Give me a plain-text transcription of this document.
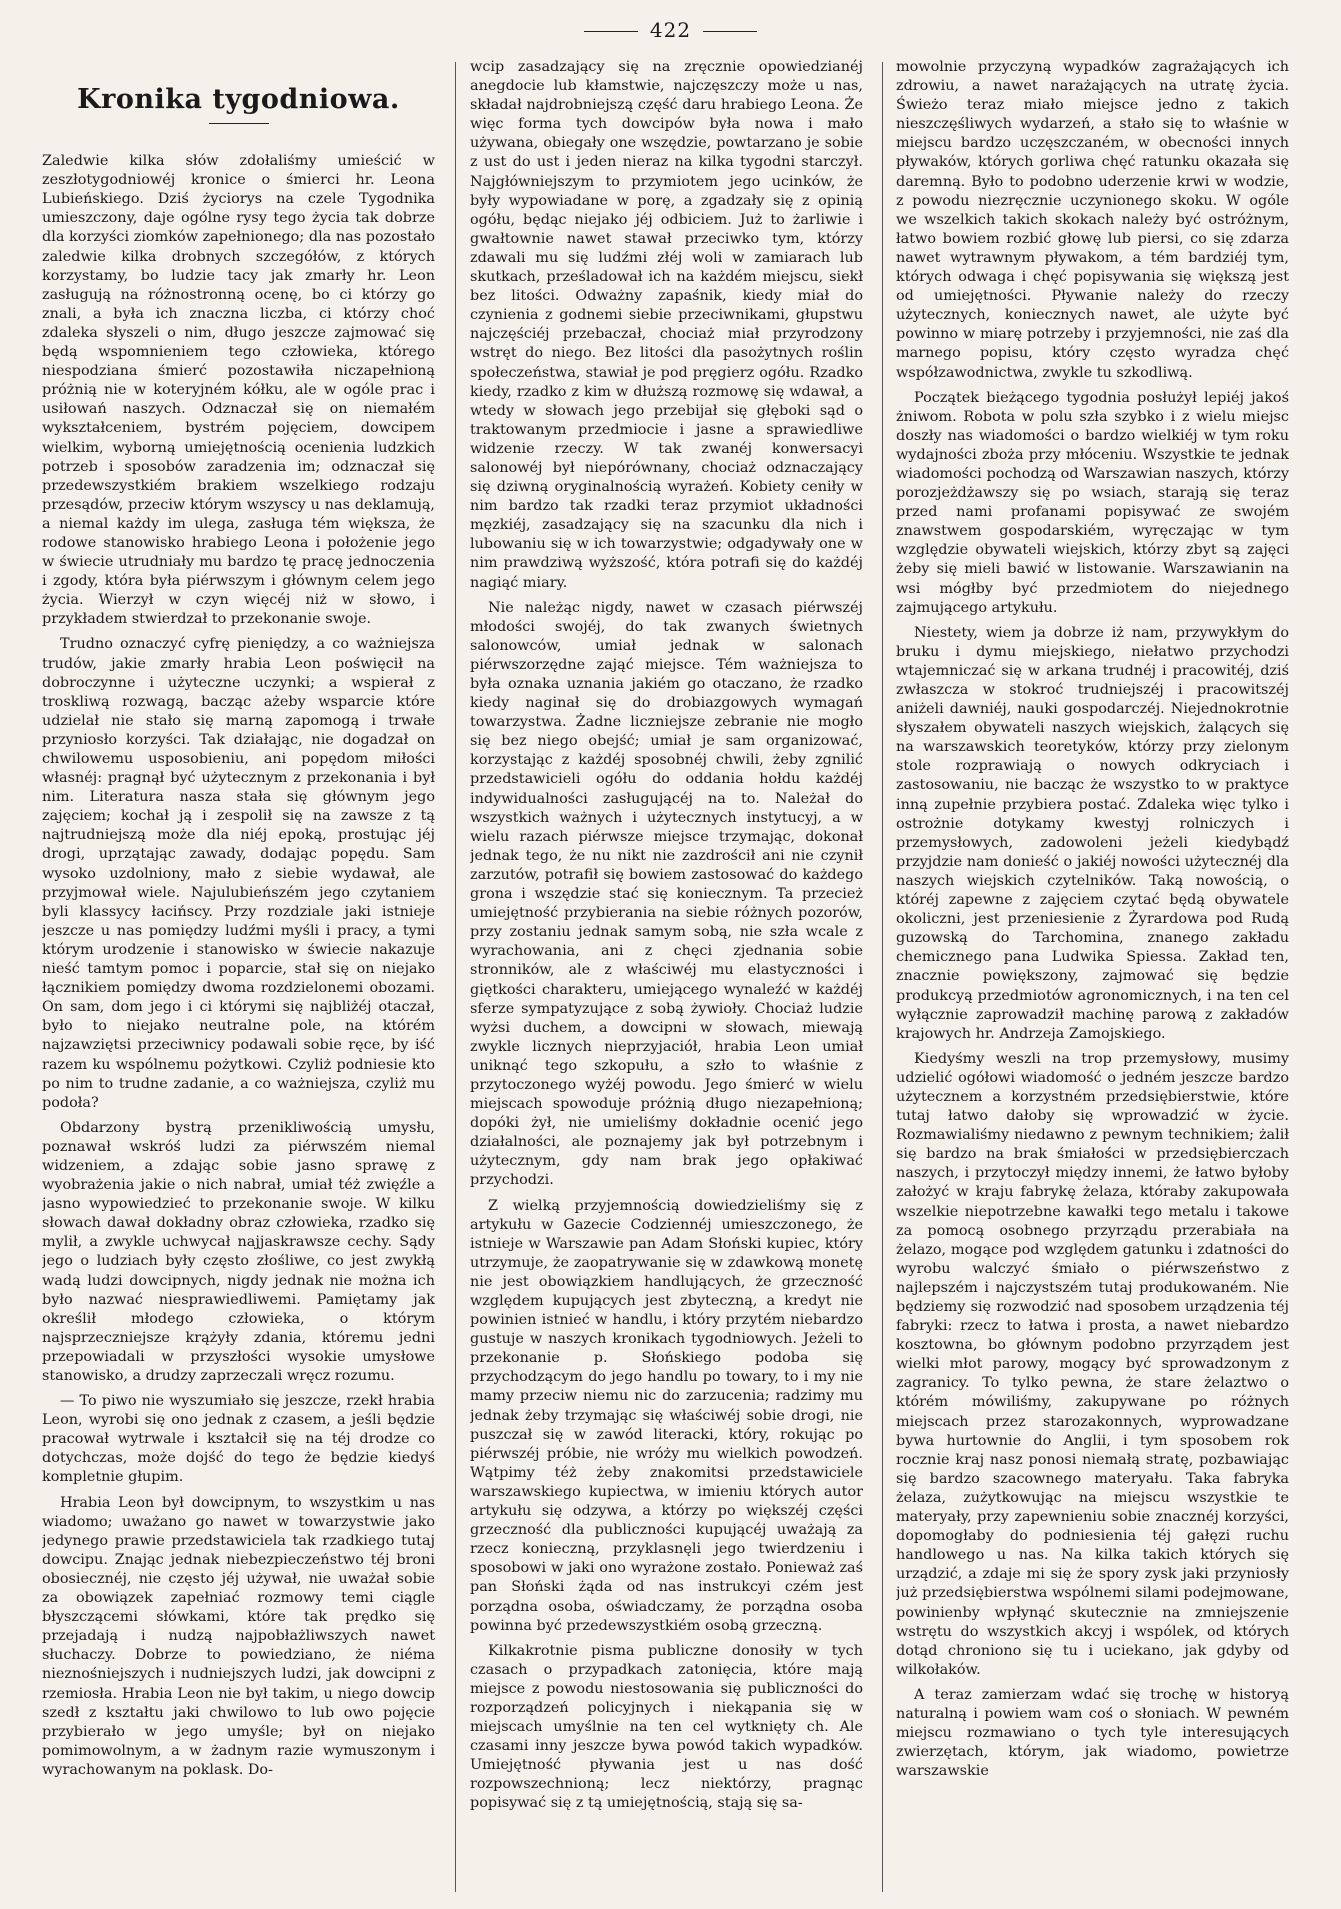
422
Kronika tygodniowa.

Zaledwie kilka słów zdołaliśmy umieścić w zeszłotygodniowéj kronice o śmierci hr. Leona Lubieńskiego. Dziś życiorys na czele Tygodnika umieszczony, daje ogólne rysy tego życia tak dobrze dla korzyści ziomków zapełnionego; dla nas pozostało zaledwie kilka drobnych szczegółów, z których korzystamy, bo ludzie tacy jak zmarły hr. Leon zasługują na różnostronną ocenę, bo ci którzy go znali, a była ich znaczna liczba, ci którzy choć zdaleka słyszeli o nim, długo jeszcze zajmować się będą wspomnieniem tego człowieka, którego niespodziana śmierć pozostawiła niczapełnioną próżnią nie w koteryjném kółku, ale w ogóle prac i usiłowań naszych. Odznaczał się on niemałém wykształceniem, bystrém pojęciem, dowcipem wielkim, wyborną umiejętnością ocenienia ludzkich potrzeb i sposobów zaradzenia im; odznaczał się przedewszystkiém brakiem wszelkiego rodzaju przesądów, przeciw którym wszyscy u nas deklamują, a niemal każdy im ulega, zasługa tém większa, że rodowe stanowisko hrabiego Leona i położenie jego w świecie utrudniały mu bardzo tę pracę jednoczenia i zgody, która była piérwszym i głównym celem jego życia. Wierzył w czyn więcéj niż w słowo, i przykładem stwierdzał to przekonanie swoje.

Trudno oznaczyć cyfrę pieniędzy, a co ważniejsza trudów, jakie zmarły hrabia Leon poświęcił na dobroczynne i użyteczne uczynki; a wspierał z troskliwą rozwagą, bacząc ażeby wsparcie które udzielał nie stało się marną zapomogą i trwałe przyniosło korzyści. Tak działając, nie dogadzał on chwilowemu usposobieniu, ani popędom miłości własnéj: pragnął być użytecznym z przekonania i był nim. Literatura nasza stała się głównym jego zajęciem; kochał ją i zespolił się na zawsze z tą najtrudniejszą może dla niéj epoką, prostując jéj drogi, uprzątając zawady, dodając popędu. Sam wysoko uzdolniony, mało z siebie wydawał, ale przyjmował wiele. Najulubieńszém jego czytaniem byli klassycy łacińscy. Przy rozdziale jaki istnieje jeszcze u nas pomiędzy ludźmi myśli i pracy, a tymi którym urodzenie i stanowisko w świecie nakazuje nieść tamtym pomoc i poparcie, stał się on niejako łącznikiem pomiędzy dwoma rozdzielonemi obozami. On sam, dom jego i ci którymi się najbliżéj otaczał, było to niejako neutralne pole, na którém najzawziętsi przeciwnicy podawali sobie ręce, by iść razem ku wspólnemu pożytkowi. Czyliż podniesie kto po nim to trudne zadanie, a co ważniejsza, czyliż mu podoła?

Obdarzony bystrą przenikliwością umysłu, poznawał wskróś ludzi za piérwszém niemal widzeniem, a zdając sobie jasno sprawę z wyobrażenia jakie o nich nabrał, umiał téż zwięźle a jasno wypowiedzieć to przekonanie swoje. W kilku słowach dawał dokładny obraz człowieka, rzadko się mylił, a zwykle uchwycał najjaskrawsze cechy. Sądy jego o ludziach były często złośliwe, co jest zwykłą wadą ludzi dowcipnych, nigdy jednak nie można ich było nazwać niesprawiedliwemi. Pamiętamy jak określił młodego człowieka, o którym najsprzeczniejsze krążyły zdania, któremu jedni przepowiadali w przyszłości wysokie umysłowe stanowisko, a drudzy zaprzeczali wręcz rozumu.

— To piwo nie wyszumiało się jeszcze, rzekł hrabia Leon, wyrobi się ono jednak z czasem, a jeśli będzie pracował wytrwale i kształcił się na téj drodze co dotychczas, może dojść do tego że będzie kiedyś kompletnie głupim.

Hrabia Leon był dowcipnym, to wszystkim u nas wiadomo; uważano go nawet w towarzystwie jako jedynego prawie przedstawiciela tak rzadkiego tutaj dowcipu. Znając jednak niebezpieczeństwo téj broni obosiecznéj, nie często jéj używał, nie uważał sobie za obowiązek zapełniać rozmowy temi ciągle błyszczącemi słówkami, które tak prędko się przejadają i nudzą najpobłażliwszych nawet słuchaczy. Dobrze to powiedziano, że niéma nieznośniejszych i nudniejszych ludzi, jak dowcipni z rzemiosła. Hrabia Leon nie był takim, u niego dowcip szedł z kształtu jaki chwilowo to lub owo pojęcie przybierało w jego umyśle; był on niejako pomimowolnym, a w żadnym razie wymuszonym i wyrachowanym na poklask. Do-

wcip zasadzający się na zręcznie opowiedzianéj anegdocie lub kłamstwie, najczęszczy może u nas, składał najdrobniejszą część daru hrabiego Leona. Że więc forma tych dowcipów była nowa i mało używana, obiegały one wszędzie, powtarzano je sobie z ust do ust i jeden nieraz na kilka tygodni starczył. Najgłówniejszym to przymiotem jego ucinków, że były wypowiadane w porę, a zgadzały się z opinią ogółu, będąc niejako jéj odbiciem. Już to żarliwie i gwałtownie nawet stawał przeciwko tym, którzy zdawali mu się ludźmi złéj woli w zamiarach lub skutkach, prześladował ich na każdém miejscu, siekł bez litości. Odważny zapaśnik, kiedy miał do czynienia z godnemi siebie przeciwnikami, głupstwu najczęściéj przebaczał, chociaż miał przyrodzony wstręt do niego. Bez litości dla pasożytnych roślin społeczeństwa, stawiał je pod pręgierz ogółu. Rzadko kiedy, rzadko z kim w dłuższą rozmowę się wdawał, a wtedy w słowach jego przebijał się głęboki sąd o traktowanym przedmiocie i jasne a sprawiedliwe widzenie rzeczy. W tak zwanéj konwersacyi salonowéj był niepórównany, chociaż odznaczający się dziwną oryginalnością wyrażeń. Kobiety ceniły w nim bardzo tak rzadki teraz przymiot układności męzkiéj, zasadzający się na szacunku dla nich i lubowaniu się w ich towarzystwie; odgadywały one w nim prawdziwą wyższość, która potrafi się do każdéj nagiąć miary.

Nie należąc nigdy, nawet w czasach piérwszéj młodości swojéj, do tak zwanych świetnych salonowców, umiał jednak w salonach piérwszorzędne zająć miejsce. Tém ważniejsza to była oznaka uznania jakiém go otaczano, że rzadko kiedy naginał się do drobiazgowych wymagań towarzystwa. Żadne liczniejsze zebranie nie mogło się bez niego obejść; umiał je sam organizować, korzystając z każdéj sposobnéj chwili, żeby zgnilić przedstawicieli ogółu do oddania hołdu każdéj indywidualności zasługującéj na to. Należał do wszystkich ważnych i użytecznych instytucyj, a w wielu razach piérwsze miejsce trzymając, dokonał jednak tego, że nu nikt nie zazdrościł ani nie czynił zarzutów, potrafił się bowiem zastosować do każdego grona i wszędzie stać się koniecznym. Ta przecież umiejętność przybierania na siebie różnych pozorów, przy zostaniu jednak samym sobą, nie szła wcale z wyrachowania, ani z chęci zjednania sobie stronników, ale z właściwéj mu elastyczności i giętkości charakteru, umiejącego wynaleźć w każdéj sferze sympatyzujące z sobą żywioły. Chociaż ludzie wyżsi duchem, a dowcipni w słowach, miewają zwykle licznych nieprzyjaciół, hrabia Leon umiał uniknąć tego szkopułu, a szło to właśnie z przytoczonego wyżéj powodu. Jego śmierć w wielu miejscach spowoduje próżnią długo niezapełnioną; dopóki żył, nie umieliśmy dokładnie ocenić jego działalności, ale poznajemy jak był potrzebnym i użytecznym, gdy nam brak jego opłakiwać przychodzi.

Z wielką przyjemnością dowiedzieliśmy się z artykułu w Gazecie Codziennéj umieszczonego, że istnieje w Warszawie pan Adam Słoński kupiec, który utrzymuje, że zaopatrywanie się w zdawkową monetę nie jest obowiązkiem handlujących, że grzeczność względem kupujących jest zbyteczną, a kredyt nie powinien istnieć w handlu, i który przytém niebardzo gustuje w naszych kronikach tygodniowych. Jeżeli to przekonanie p. Słońskiego podoba się przychodzącym do jego handlu po towary, to i my nie mamy przeciw niemu nic do zarzucenia; radzimy mu jednak żeby trzymając się właściwéj sobie drogi, nie puszczał się w zawód literacki, który, rokując po piérwszéj próbie, nie wróży mu wielkich powodzeń. Wątpimy téż żeby znakomitsi przedstawiciele warszawskiego kupiectwa, w imieniu których autor artykułu się odzywa, a którzy po większéj części grzeczność dla publiczności kupującéj uważają za rzecz konieczną, przyklasnęli jego twierdzeniu i sposobowi w jaki ono wyrażone zostało. Ponieważ zaś pan Słoński żąda od nas instrukcyi czém jest porządna osoba, oświadczamy, że porządna osoba powinna być przedewszystkiém osobą grzeczną.

Kilkakrotnie pisma publiczne donosiły w tych czasach o przypadkach zatonięcia, które mają miejsce z powodu niestosowania się publiczności do rozporządzeń policyjnych i niekąpania się w miejscach umyślnie na ten cel wytknięty ch. Ale czasami inny jeszcze bywa powód takich wypadków. Umiejętność pływania jest u nas dość rozpowszechnioną; lecz niektórzy, pragnąc popisywać się z tą umiejętnością, stają się sa-

mowolnie przyczyną wypadków zagrażających ich zdrowiu, a nawet narażających na utratę życia. Świeżo teraz miało miejsce jedno z takich nieszczęśliwych wydarzeń, a stało się to właśnie w miejscu bardzo uczęszczaném, w obecności innych pływaków, których gorliwa chęć ratunku okazała się daremną. Było to podobno uderzenie krwi w wodzie, z powodu niezręcznie uczynionego skoku. W ogóle we wszelkich takich skokach należy być ostróżnym, łatwo bowiem rozbić głowę lub piersi, co się zdarza nawet wytrawnym pływakom, a tém bardziéj tym, których odwaga i chęć popisywania się większą jest od umiejętności. Pływanie należy do rzeczy użytecznych, koniecznych nawet, ale użyte być powinno w miarę potrzeby i przyjemności, nie zaś dla marnego popisu, który często wyradza chęć współzawodnictwa, zwykle tu szkodliwą.

Początek bieżącego tygodnia posłużył lepiéj jakoś żniwom. Robota w polu szła szybko i z wielu miejsc doszły nas wiadomości o bardzo wielkiéj w tym roku wydajności zboża przy młóceniu. Wszystkie te jednak wiadomości pochodzą od Warszawian naszych, którzy porozjeżdżawszy się po wsiach, starają się teraz przed nami profanami popisywać ze swojém znawstwem gospodarskiém, wyręczając w tym względzie obywateli wiejskich, którzy zbyt są zajęci żeby się mieli bawić w listowanie. Warszawianin na wsi mógłby być przedmiotem do niejednego zajmującego artykułu.

Niestety, wiem ja dobrze iż nam, przywykłym do bruku i dymu miejskiego, niełatwo przychodzi wtajemniczać się w arkana trudnéj i pracowitéj, dziś zwłaszcza w stokroć trudniejszéj i pracowitszéj aniżeli dawniéj, nauki gospodarczéj. Niejednokrotnie słyszałem obywateli naszych wiejskich, żalących się na warszawskich teoretyków, którzy przy zielonym stole rozprawiają o nowych odkryciach i zastosowaniu, nie bacząc że wszystko to w praktyce inną zupełnie przybiera postać. Zdaleka więc tylko i ostrożnie dotykamy kwestyj rolniczych i przemysłowych, zadowoleni jeżeli kiedybądź przyjdzie nam donieść o jakiéj nowości użytecznéj dla naszych wiejskich czytelników. Taką nowością, o któréj zapewne z zajęciem czytać będą obywatele okoliczni, jest przeniesienie z Żyrardowa pod Rudą guzowską do Tarchomina, znanego zakładu chemicznego pana Ludwika Spiessa. Zakład ten, znacznie powiększony, zajmować się będzie produkcyą przedmiotów agronomicznych, i na ten cel wyłącznie zaprowadził machinę parową z zakładów krajowych hr. Andrzeja Zamojskiego.

Kiedyśmy weszli na trop przemysłowy, musimy udzielić ogółowi wiadomość o jedném jeszcze bardzo użytecznem a korzystném przedsiębierstwie, które tutaj łatwo dałoby się wprowadzić w życie. Rozmawialiśmy niedawno z pewnym technikiem; żalił się bardzo na brak śmiałości w przedsiębierczach naszych, i przytoczył między innemi, że łatwo byłoby założyć w kraju fabrykę żelaza, któraby zakupowała wszelkie niepotrzebne kawałki tego metalu i takowe za pomocą osobnego przyrządu przerabiała na żelazo, mogące pod względem gatunku i zdatności do wyrobu walczyć śmiało o piérwszeństwo z najlepszém i najczystszém tutaj produkowaném. Nie będziemy się rozwodzić nad sposobem urządzenia téj fabryki: rzecz to łatwa i prosta, a nawet niebardzo kosztowna, bo głównym podobno przyrządem jest wielki młot parowy, mogący być sprowadzonym z zagranicy. To tylko pewna, że stare żelaztwo o którém mówiliśmy, zakupywane po różnych miejscach przez starozakonnych, wyprowadzane bywa hurtownie do Anglii, i tym sposobem rok rocznie kraj nasz ponosi niemałą stratę, pozbawiając się bardzo szacownego materyału. Taka fabryka żelaza, zużytkowując na miejscu wszystkie te materyały, przy zapewnieniu sobie znacznéj korzyści, dopomogłaby do podniesienia téj gałęzi ruchu handlowego u nas. Na kilka takich których się urządzić, a zdaje mi się że spory zysk jaki przyniosły już przedsiębierstwa wspólnemi silami podejmowane, powinienby wpłynąć skutecznie na zmniejszenie wstrętu do wszystkich akcyj i wspólek, od których dotąd chroniono się tu i uciekano, jak gdyby od wilkołaków.

A teraz zamierzam wdać się trochę w historyą naturalną i powiem wam coś o słoniach. W pewném miejscu rozmawiano o tych tyle interesujących zwierzętach, którym, jak wiadomo, powietrze warszawskie
